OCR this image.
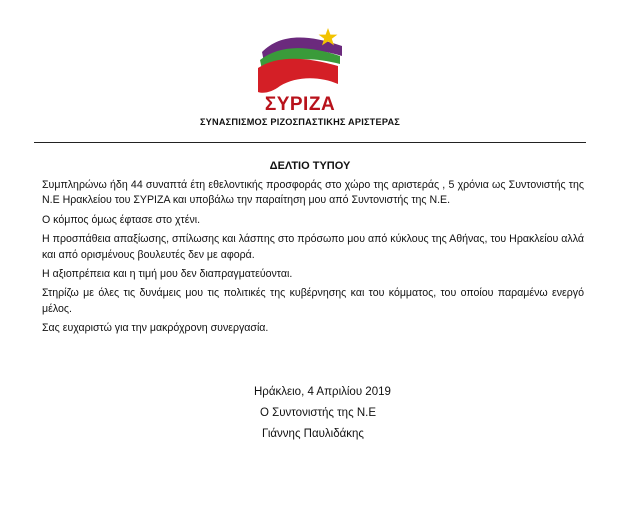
ΣΥΡΙΖΑ
ΣΥΝΑΣΠΙΣΜΟΣ ΡΙΖΟΣΠΑΣΤΙΚΗΣ ΑΡΙΣΤΕΡΑΣ
ΔΕΛΤΙΟ ΤΥΠΟΥ

Συμπληρώνω ήδη 44 συναπτά έτη εθελοντικής προσφοράς στο χώρο της αριστεράς , 5 χρόνια ως Συντονιστής της Ν.Ε Ηρακλείου του ΣΥΡΙΖΑ και υποβάλω την παραίτηση μου από Συντονιστής της Ν.Ε.

Ο κόμπος όμως έφτασε στο χτένι.

Η προσπάθεια απαξίωσης, σπίλωσης και λάσπης στο πρόσωπο μου από κύκλους της Αθήνας, του Ηρακλείου αλλά και από ορισμένους βουλευτές δεν με αφορά.

Η αξιοπρέπεια και η τιμή μου δεν διαπραγματεύονται.

Στηρίζω με όλες τις δυνάμεις μου τις πολιτικές της κυβέρνησης και του κόμματος, του οποίου παραμένω ενεργό μέλος.

Σας ευχαριστώ για την μακρόχρονη συνεργασία.

Ηράκλειο, 4 Απριλίου 2019
Ο Συντονιστής της Ν.Ε
Γιάννης Παυλιδάκης
